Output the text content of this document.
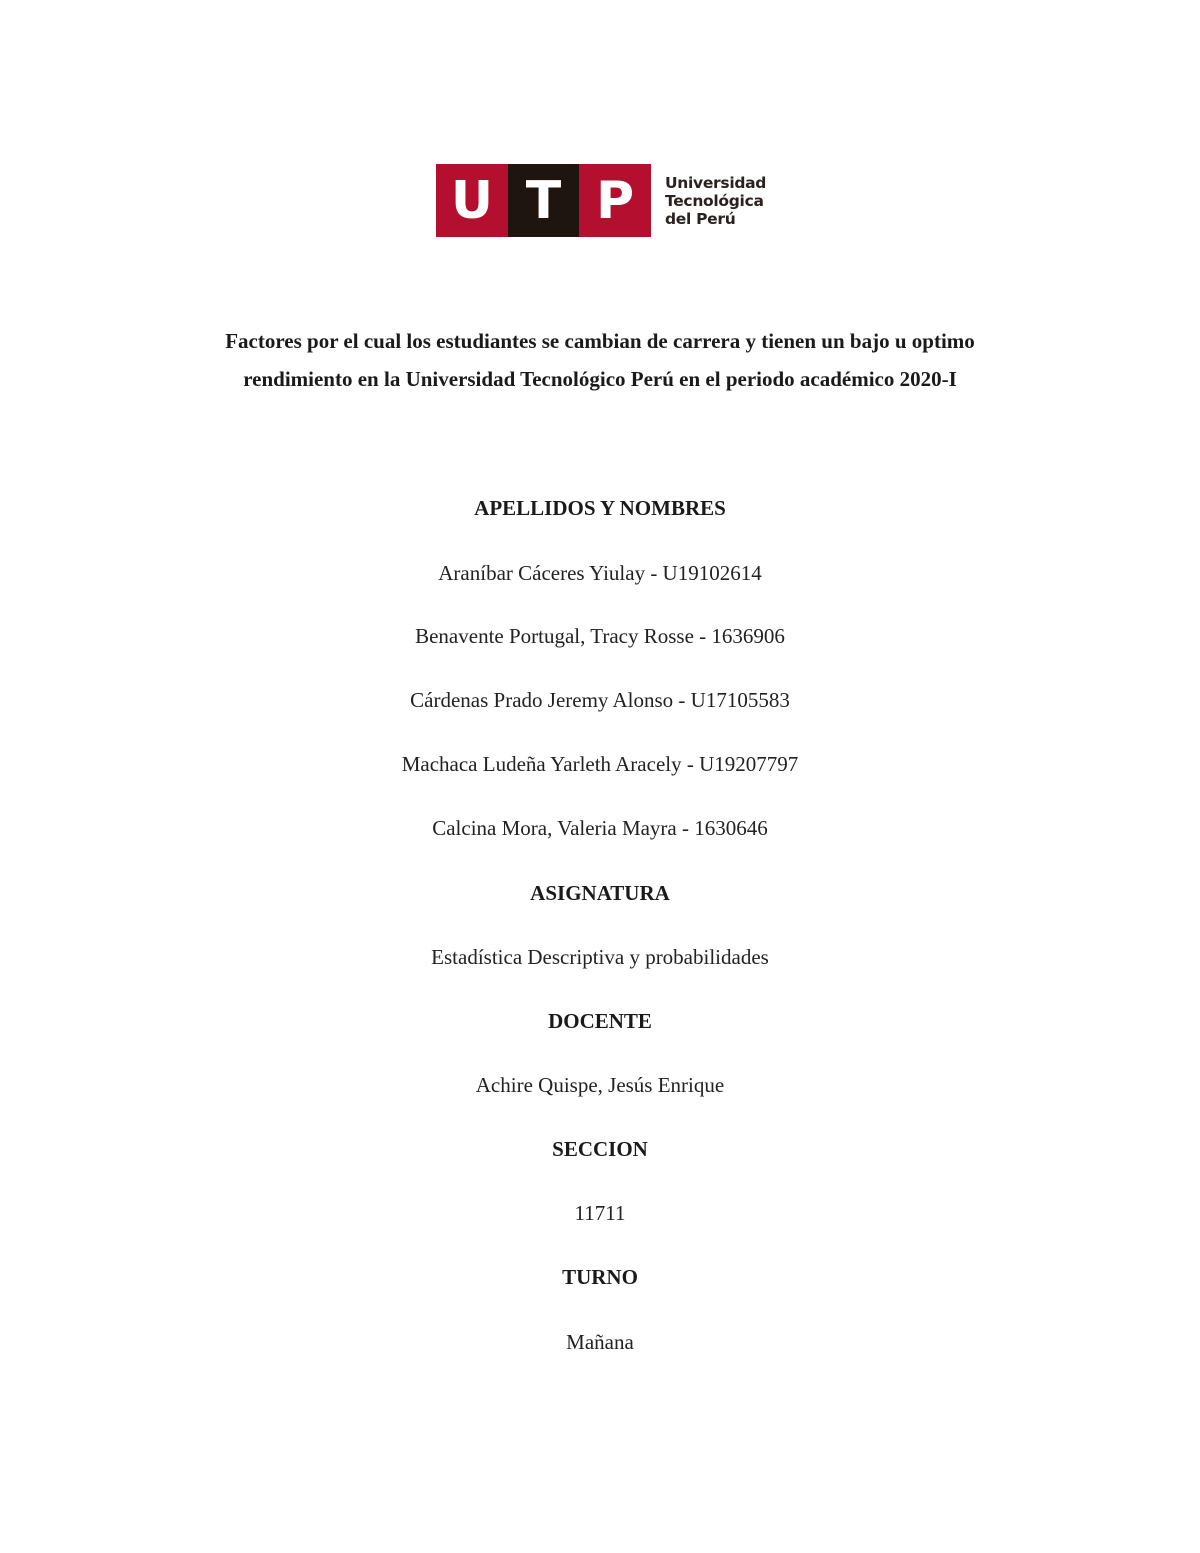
U T P	Universidad
Tecnológica
del Perú
Factores por el cual los estudiantes se cambian de carrera y tienen un bajo u optimo
rendimiento en la Universidad Tecnológico Perú en el periodo académico 2020-I
APELLIDOS Y NOMBRES
Araníbar Cáceres Yiulay - U19102614
Benavente Portugal, Tracy Rosse - 1636906
Cárdenas Prado Jeremy Alonso - U17105583
Machaca Ludeña Yarleth Aracely - U19207797
Calcina Mora, Valeria Mayra - 1630646
ASIGNATURA
Estadística Descriptiva y probabilidades
DOCENTE
Achire Quispe, Jesús Enrique
SECCION
11711
TURNO
Mañana
